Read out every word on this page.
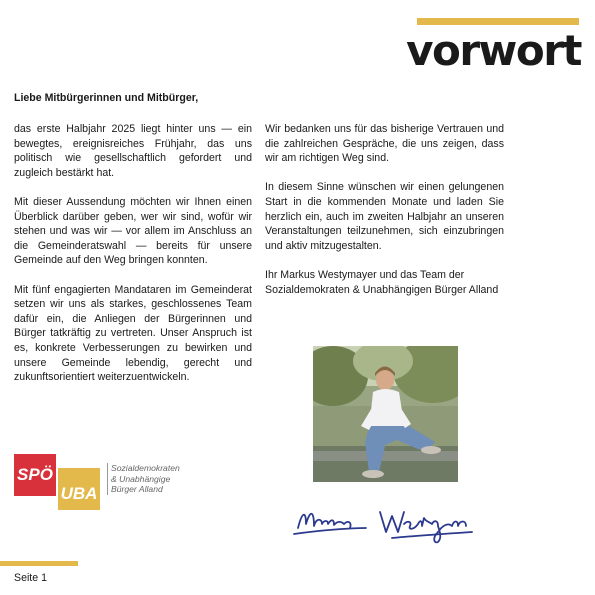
vorwort
Liebe Mitbürgerinnen und Mitbürger,

das erste Halbjahr 2025 liegt hinter uns — ein bewegtes, ereignisreiches Frühjahr, das uns politisch wie gesellschaftlich gefordert und zugleich bestärkt hat.

Mit dieser Aussendung möchten wir Ihnen einen Überblick darüber geben, wer wir sind, wofür wir stehen und was wir — vor allem im Anschluss an die Gemeinderatswahl — bereits für unsere Gemeinde auf den Weg bringen konnten.

Mit fünf engagierten Mandataren im Gemeinderat setzen wir uns als starkes, geschlossenes Team dafür ein, die Anliegen der Bürgerinnen und Bürger tatkräftig zu vertreten. Unser Anspruch ist es, konkrete Verbesserungen zu bewirken und unsere Gemeinde lebendig, gerecht und zukunftsorientiert weiterzuentwickeln.

Wir bedanken uns für das bisherige Vertrauen und die zahlreichen Gespräche, die uns zeigen, dass wir am richtigen Weg sind.

In diesem Sinne wünschen wir einen gelungenen Start in die kommenden Monate und laden Sie herzlich ein, auch im zweiten Halbjahr an unseren Veranstaltungen teilzunehmen, sich einzubringen und aktiv mitzugestalten.

Ihr Markus Westymayer und das Team der Sozialdemokraten & Unabhängigen Bürger Alland

SPÖ
UBA
Sozialdemokraten
& Unabhängige
Bürger Alland
Seite 1
